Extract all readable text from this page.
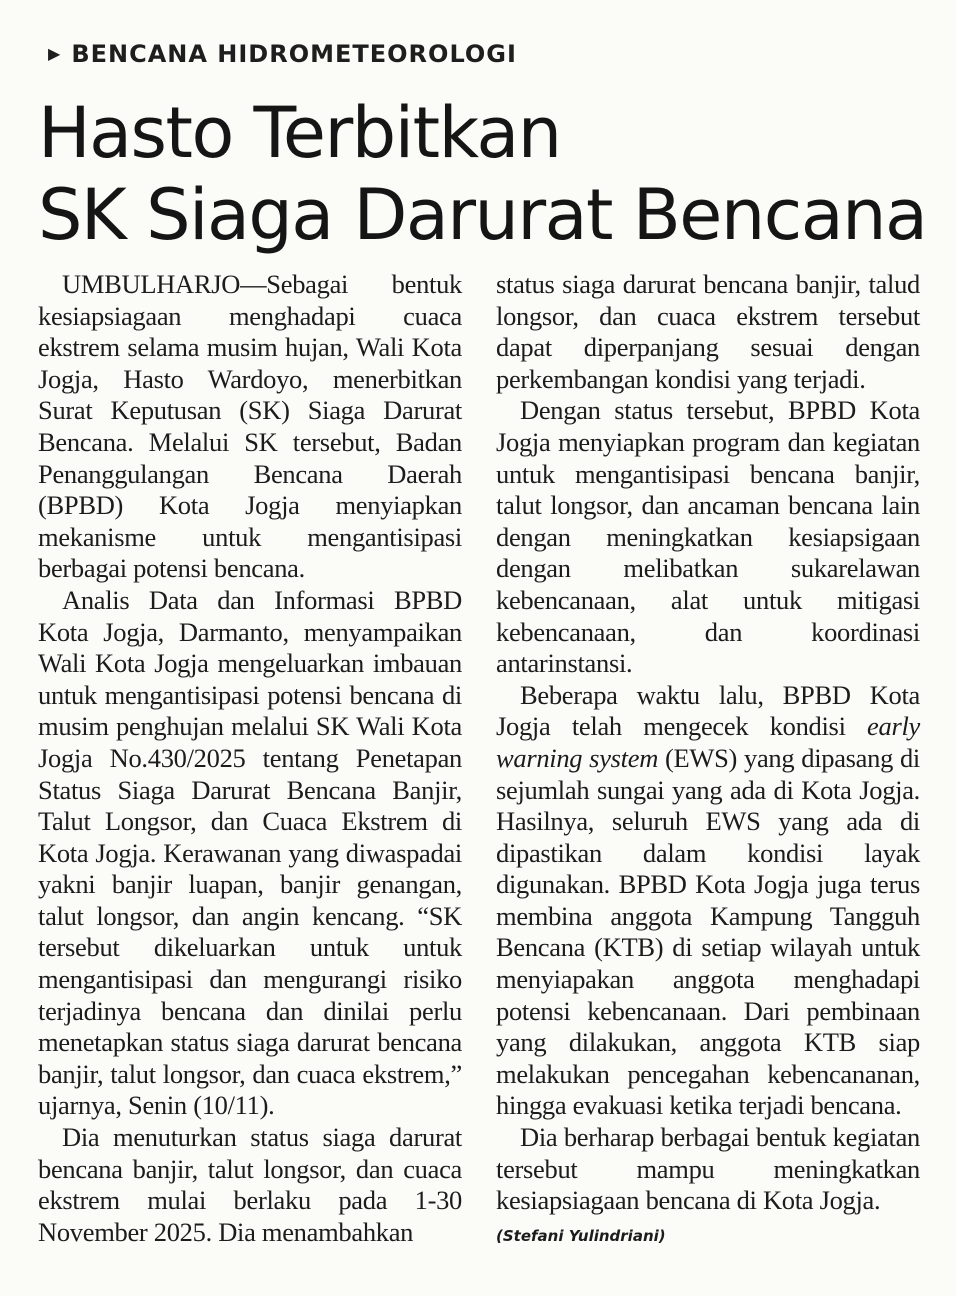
▶ BENCANA HIDROMETEOROLOGI
Hasto Terbitkan
SK Siaga Darurat Bencana

UMBULHARJO—Sebagai bentuk kesiapsiagaan menghadapi cuaca ekstrem selama musim hujan, Wali Kota Jogja, Hasto Wardoyo, menerbitkan Surat Keputusan (SK) Siaga Darurat Bencana. Melalui SK tersebut, Badan Penanggulangan Bencana Daerah (BPBD) Kota Jogja menyiapkan mekanisme untuk mengantisipasi berbagai potensi bencana.

Analis Data dan Informasi BPBD Kota Jogja, Darmanto, menyampaikan Wali Kota Jogja mengeluarkan imbauan untuk mengantisipasi potensi bencana di musim penghujan melalui SK Wali Kota Jogja No.430/2025 tentang Penetapan Status Siaga Darurat Bencana Banjir, Talut Longsor, dan Cuaca Ekstrem di Kota Jogja. Kerawanan yang diwaspadai yakni banjir luapan, banjir genangan, talut longsor, dan angin kencang. “SK tersebut dikeluarkan untuk untuk mengantisipasi dan mengurangi risiko terjadinya bencana dan dinilai perlu menetapkan status siaga darurat bencana banjir, talut longsor, dan cuaca ekstrem,” ujarnya, Senin (10/11).

Dia menuturkan status siaga darurat bencana banjir, talut longsor, dan cuaca ekstrem mulai berlaku pada 1-30 November 2025. Dia menambahkan

status siaga darurat bencana banjir, talud longsor, dan cuaca ekstrem tersebut dapat diperpanjang sesuai dengan perkembangan kondisi yang terjadi.

Dengan status tersebut, BPBD Kota Jogja menyiapkan program dan kegiatan untuk mengantisipasi bencana banjir, talut longsor, dan ancaman bencana lain dengan meningkatkan kesiapsigaan dengan melibatkan sukarelawan kebencanaan, alat untuk mitigasi kebencanaan, dan koordinasi antarinstansi.

Beberapa waktu lalu, BPBD Kota Jogja telah mengecek kondisi early warning system (EWS) yang dipasang di sejumlah sungai yang ada di Kota Jogja. Hasilnya, seluruh EWS yang ada di dipastikan dalam kondisi layak digunakan. BPBD Kota Jogja juga terus membina anggota Kampung Tangguh Bencana (KTB) di setiap wilayah untuk menyiapakan anggota menghadapi potensi kebencanaan. Dari pembinaan yang dilakukan, anggota KTB siap melakukan pencegahan kebencananan, hingga evakuasi ketika terjadi bencana.

Dia berharap berbagai bentuk kegiatan tersebut mampu meningkatkan kesiapsiagaan bencana di Kota Jogja.

(Stefani Yulindriani)
